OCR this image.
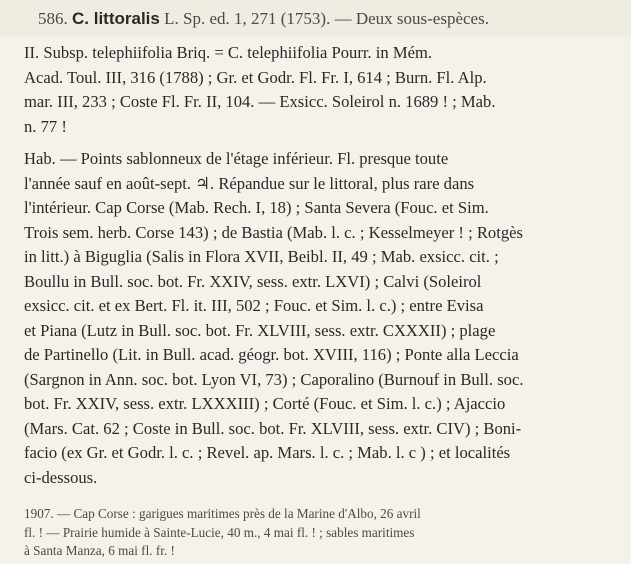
586. C. littoralis L. Sp. ed. 1, 271 (1753). — Deux sous-espèces.
II. Subsp. telephiifolia Briq. = C. telephiifolia Pourr. in Mém.
Acad. Toul. III, 316 (1788) ; Gr. et Godr. Fl. Fr. I, 614 ; Burn. Fl. Alp.
mar. III, 233 ; Coste Fl. Fr. II, 104. — Exsicc. Soleirol n. 1689 ! ; Mab.
n. 77 !
Hab. — Points sablonneux de l'étage inférieur. Fl. presque toute
l'année sauf en août-sept. ♃. Répandue sur le littoral, plus rare dans
l'intérieur. Cap Corse (Mab. Rech. I, 18) ; Santa Severa (Fouc. et Sim.
Trois sem. herb. Corse 143) ; de Bastia (Mab. l. c. ; Kesselmeyer ! ; Rotgès
in litt.) à Biguglia (Salis in Flora XVII, Beibl. II, 49 ; Mab. exsicc. cit. ;
Boullu in Bull. soc. bot. Fr. XXIV, sess. extr. LXVI) ; Calvi (Soleirol
exsicc. cit. et ex Bert. Fl. it. III, 502 ; Fouc. et Sim. l. c.) ; entre Evisa
et Piana (Lutz in Bull. soc. bot. Fr. XLVIII, sess. extr. CXXXII) ; plage
de Partinello (Lit. in Bull. acad. géogr. bot. XVIII, 116) ; Ponte alla Leccia
(Sargnon in Ann. soc. bot. Lyon VI, 73) ; Caporalino (Burnouf in Bull. soc.
bot. Fr. XXIV, sess. extr. LXXXIII) ; Corté (Fouc. et Sim. l. c.) ; Ajaccio
(Mars. Cat. 62 ; Coste in Bull. soc. bot. Fr. XLVIII, sess. extr. CIV) ; Boni-
facio (ex Gr. et Godr. l. c. ; Revel. ap. Mars. l. c. ; Mab. l. c ) ; et localités
ci-dessous.
1907. — Cap Corse : garigues maritimes près de la Marine d'Albo, 26 avril
fl. ! — Prairie humide à Sainte-Lucie, 40 m., 4 mai fl. ! ; sables maritimes
à Santa Manza, 6 mai fl. fr. !
